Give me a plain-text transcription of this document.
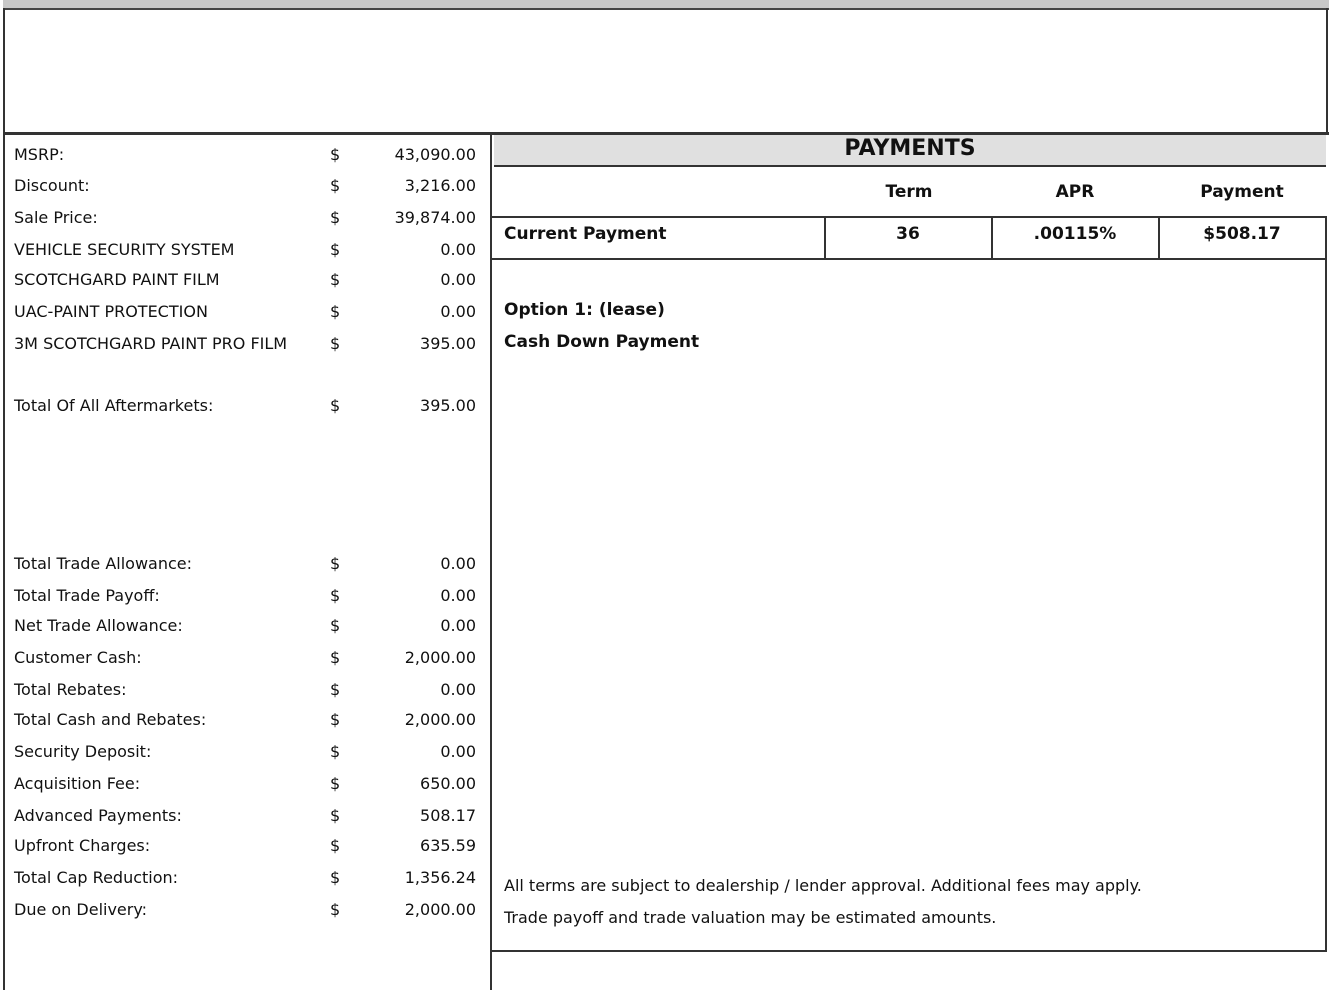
MSRP:	$	43,090.00
Discount:	$	3,216.00
Sale Price:	$	39,874.00
VEHICLE SECURITY SYSTEM	$	0.00
SCOTCHGARD PAINT FILM	$	0.00
UAC-PAINT PROTECTION	$	0.00
3M SCOTCHGARD PAINT PRO FILM	$	395.00
Total Of All Aftermarkets:	$	395.00
Total Trade Allowance:	$	0.00
Total Trade Payoff:	$	0.00
Net Trade Allowance:	$	0.00
Customer Cash:	$	2,000.00
Total Rebates:	$	0.00
Total Cash and Rebates:	$	2,000.00
Security Deposit:	$	0.00
Acquisition Fee:	$	650.00
Advanced Payments:	$	508.17
Upfront Charges:	$	635.59
Total Cap Reduction:	$	1,356.24
Due on Delivery:	$	2,000.00
PAYMENTS
Term	APR	Payment
Current Payment	36	.00115%	$508.17
Option 1: (lease)
Cash Down Payment
All terms are subject to dealership / lender approval. Additional fees may apply.
Trade payoff and trade valuation may be estimated amounts.
